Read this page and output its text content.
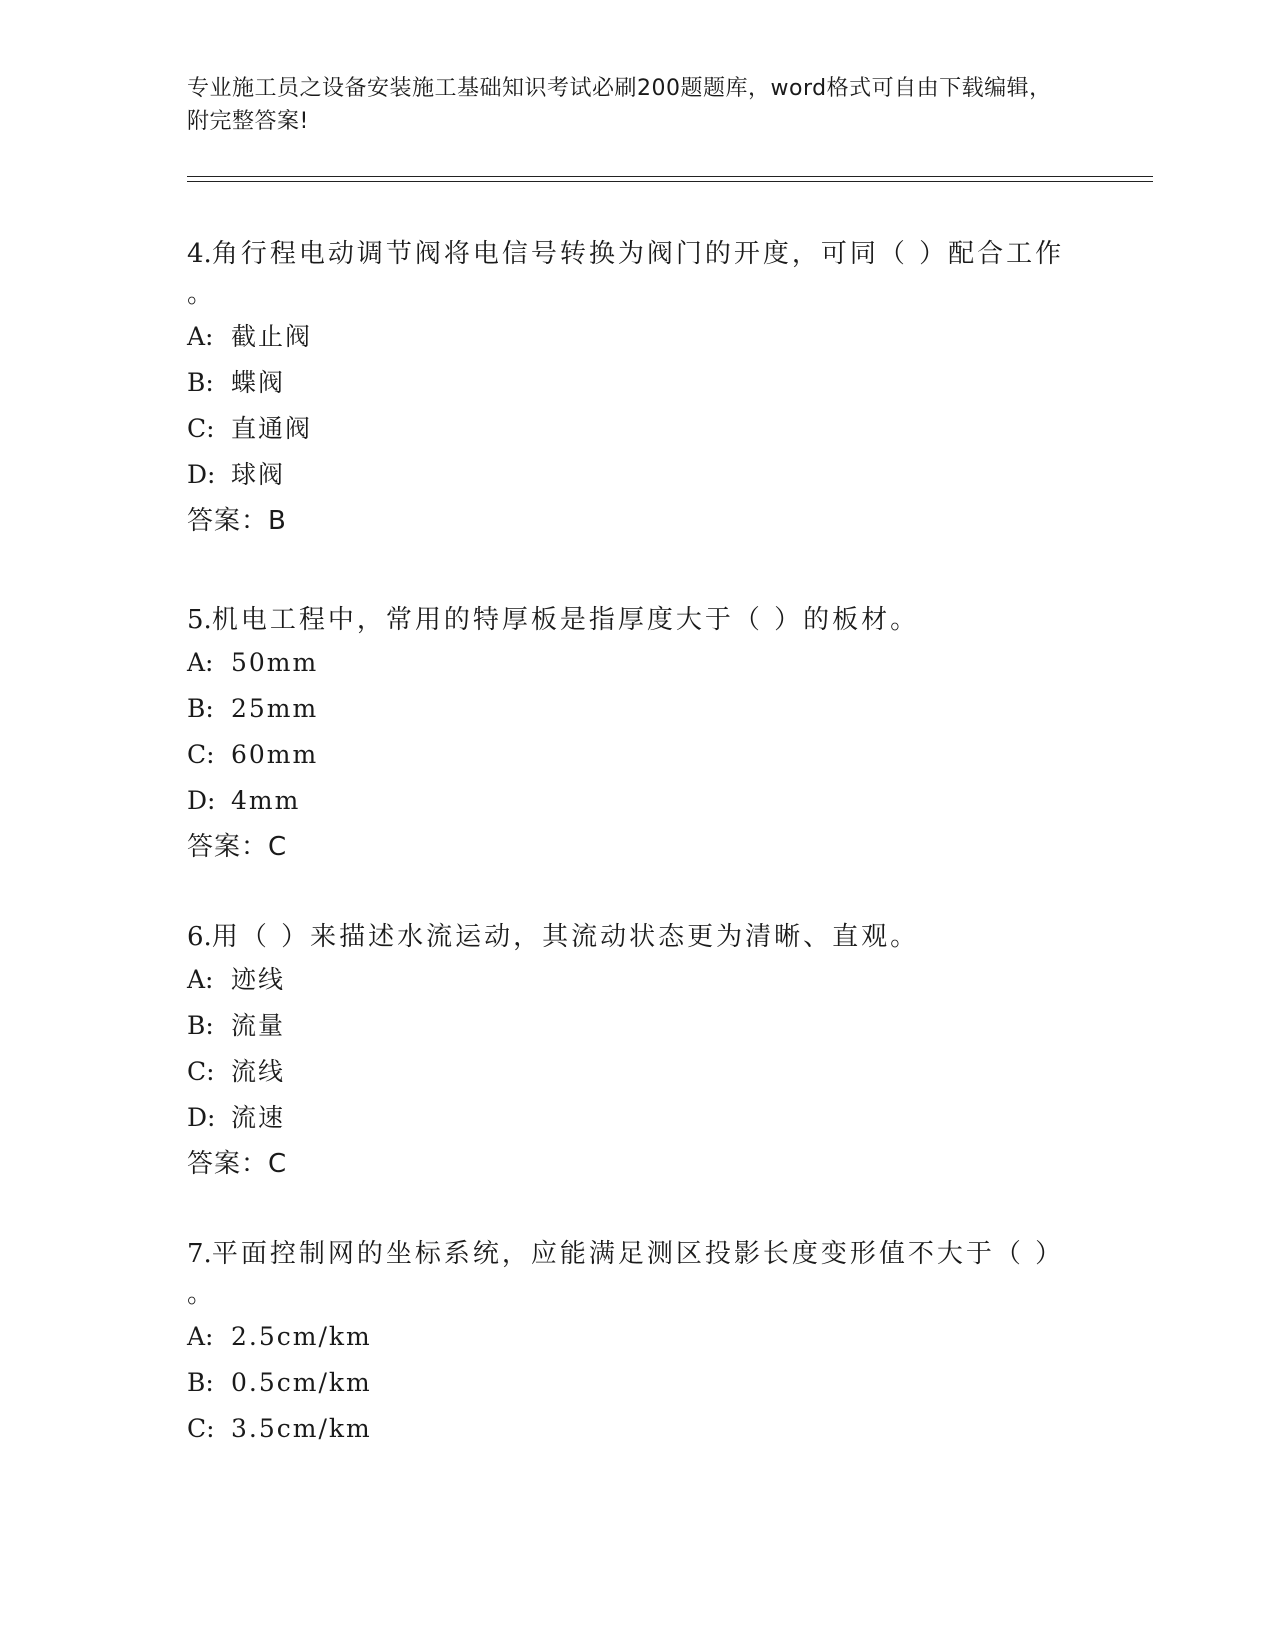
专业施工员之设备安装施工基础知识考试必刷200题题库，word格式可自由下载编辑，附完整答案!

4.角行程电动调节阀将电信号转换为阀门的开度，可同（ ）配合工作

。

A: 截止阀

B: 蝶阀

C: 直通阀

D: 球阀

答案：B

5.机电工程中，常用的特厚板是指厚度大于（ ）的板材。

A: 50mm

B: 25mm

C: 60mm

D: 4mm

答案：C

6.用（ ）来描述水流运动，其流动状态更为清晰、直观。

A: 迹线

B: 流量

C: 流线

D: 流速

答案：C

7.平面控制网的坐标系统，应能满足测区投影长度变形值不大于（ ）

。

A: 2.5cm/km

B: 0.5cm/km

C: 3.5cm/km
